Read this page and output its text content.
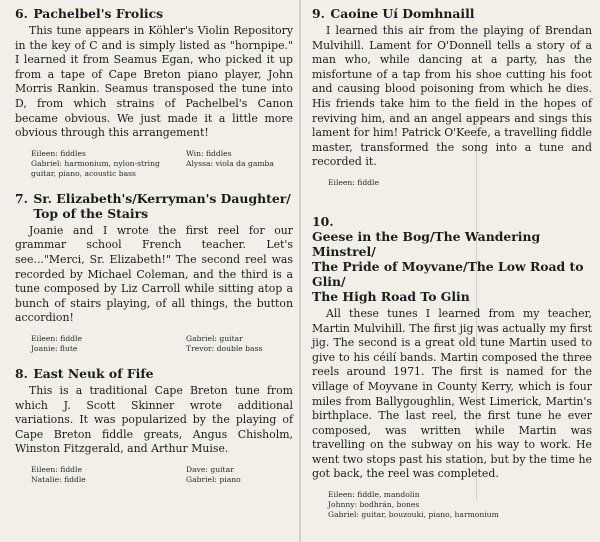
6. Pachelbel's Frolics

This tune appears in Köhler's Violin Repository in the key of C and is simply listed as "hornpipe." I learned it from Seamus Egan, who picked it up from a tape of Cape Breton piano player, John Morris Rankin. Seamus transposed the tune into D, from which strains of Pachelbel's Canon became obvious. We just made it a little more obvious through this arrangement!

Eileen: fiddles
Gabriel: harmonium, nylon-string guitar, piano, acoustic bass
Win: fiddles
Alyssa: viola da gamba
7. Sr. Elizabeth's/Kerryman's Daughter/
Top of the Stairs

Joanie and I wrote the first reel for our grammar school French teacher. Let's see..."Merci, Sr. Elizabeth!" The second reel was recorded by Michael Coleman, and the third is a tune composed by Liz Carroll while sitting atop a bunch of stairs playing, of all things, the button accordion!

Eileen: fiddle
Joanie: flute
Gabriel: guitar
Trevor: double bass
8. East Neuk of Fife

This is a traditional Cape Breton tune from which J. Scott Skinner wrote additional variations. It was popularized by the playing of Cape Breton fiddle greats, Angus Chisholm, Winston Fitzgerald, and Arthur Muise.

Eileen: fiddle
Natalie: fiddle
Dave: guitar
Gabriel: piano
9. Caoine Uí Domhnaill

I learned this air from the playing of Brendan Mulvihill. Lament for O'Donnell tells a story of a man who, while dancing at a party, has the misfortune of a tap from his shoe cutting his foot and causing blood poisoning from which he dies. His friends take him to the field in the hopes of reviving him, and an angel appears and sings this lament for him! Patrick O'Keefe, a travelling fiddle master, transformed the song into a tune and recorded it.

Eileen: fiddle
10.
Geese in the Bog/The Wandering Minstrel/
The Pride of Moyvane/The Low Road to Glin/
The High Road To Glin

All these tunes I learned from my teacher, Martin Mulvihill. The first jig was actually my first jig. The second is a great old tune Martin used to give to his céilí bands. Martin composed the three reels around 1971. The first is named for the village of Moyvane in County Kerry, which is four miles from Ballygoughlin, West Limerick, Martin's birthplace. The last reel, the first tune he ever composed, was written while Martin was travelling on the subway on his way to work. He went two stops past his station, but by the time he got back, the reel was completed.

Eileen: fiddle, mandolin
Johnny: bodhrán, bones
Gabriel: guitar, bouzouki, piano, harmonium
